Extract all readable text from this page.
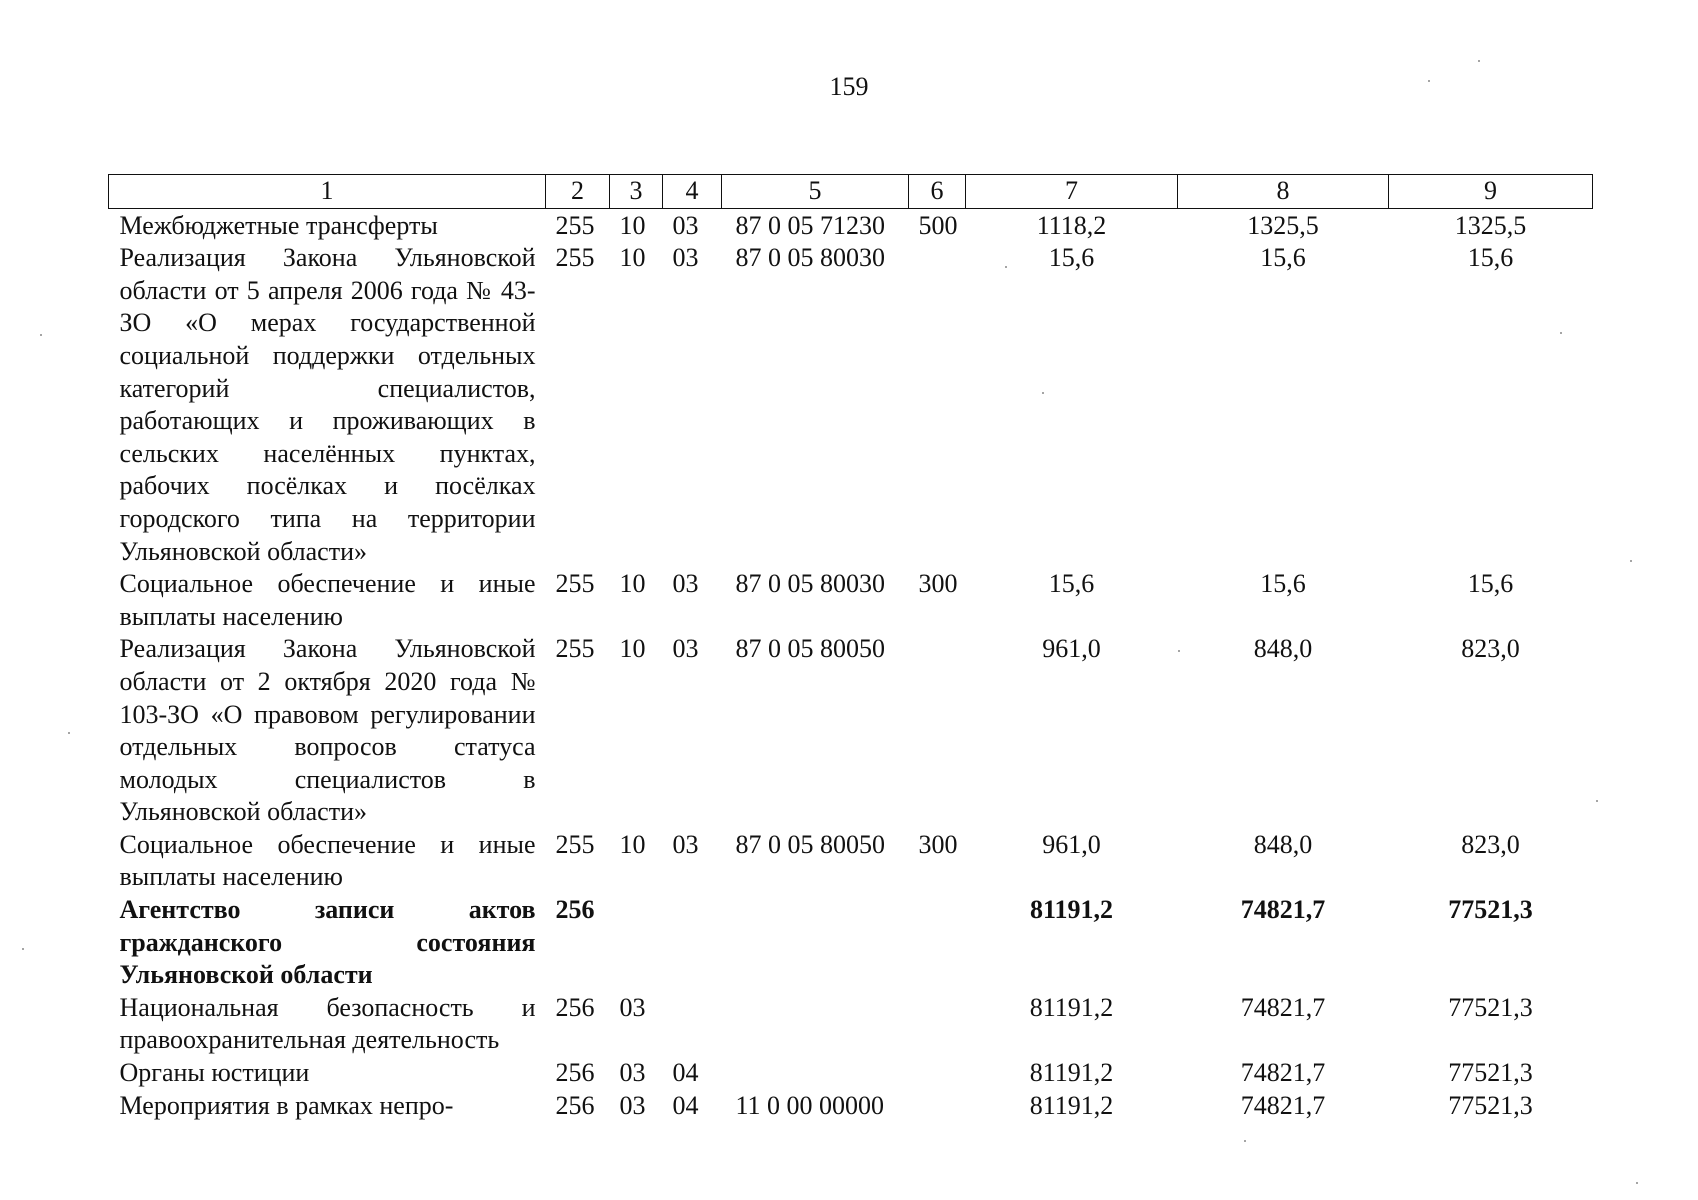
159
1	2	3	4	5	6	7	8	9
Межбюджетные трансферты	255	10	03	87 0 05 71230	500	1118,2	1325,5	1325,5
Реализация Закона Ульяновской области от 5 апреля 2006 года № 43-ЗО «О мерах государственной социальной поддержки отдельных категорий специалистов, работающих и проживающих в сельских населённых пунктах, рабочих посёлках и посёлках городского типа на территории Ульяновской области»	255	10	03	87 0 05 80030		15,6	15,6	15,6
Социальное обеспечение и иные выплаты населению	255	10	03	87 0 05 80030	300	15,6	15,6	15,6
Реализация Закона Ульяновской области от 2 октября 2020 года № 103-ЗО «О правовом регулировании отдельных вопросов статуса молодых специалистов в Ульяновской области»	255	10	03	87 0 05 80050		961,0	848,0	823,0
Социальное обеспечение и иные выплаты населению	255	10	03	87 0 05 80050	300	961,0	848,0	823,0
Агентство записи актов гражданского состояния Ульяновской области	256					81191,2	74821,7	77521,3
Национальная безопасность и правоохранительная деятельность	256	03				81191,2	74821,7	77521,3
Органы юстиции	256	03	04			81191,2	74821,7	77521,3
Мероприятия в рамках непро-	256	03	04	11 0 00 00000		81191,2	74821,7	77521,3
